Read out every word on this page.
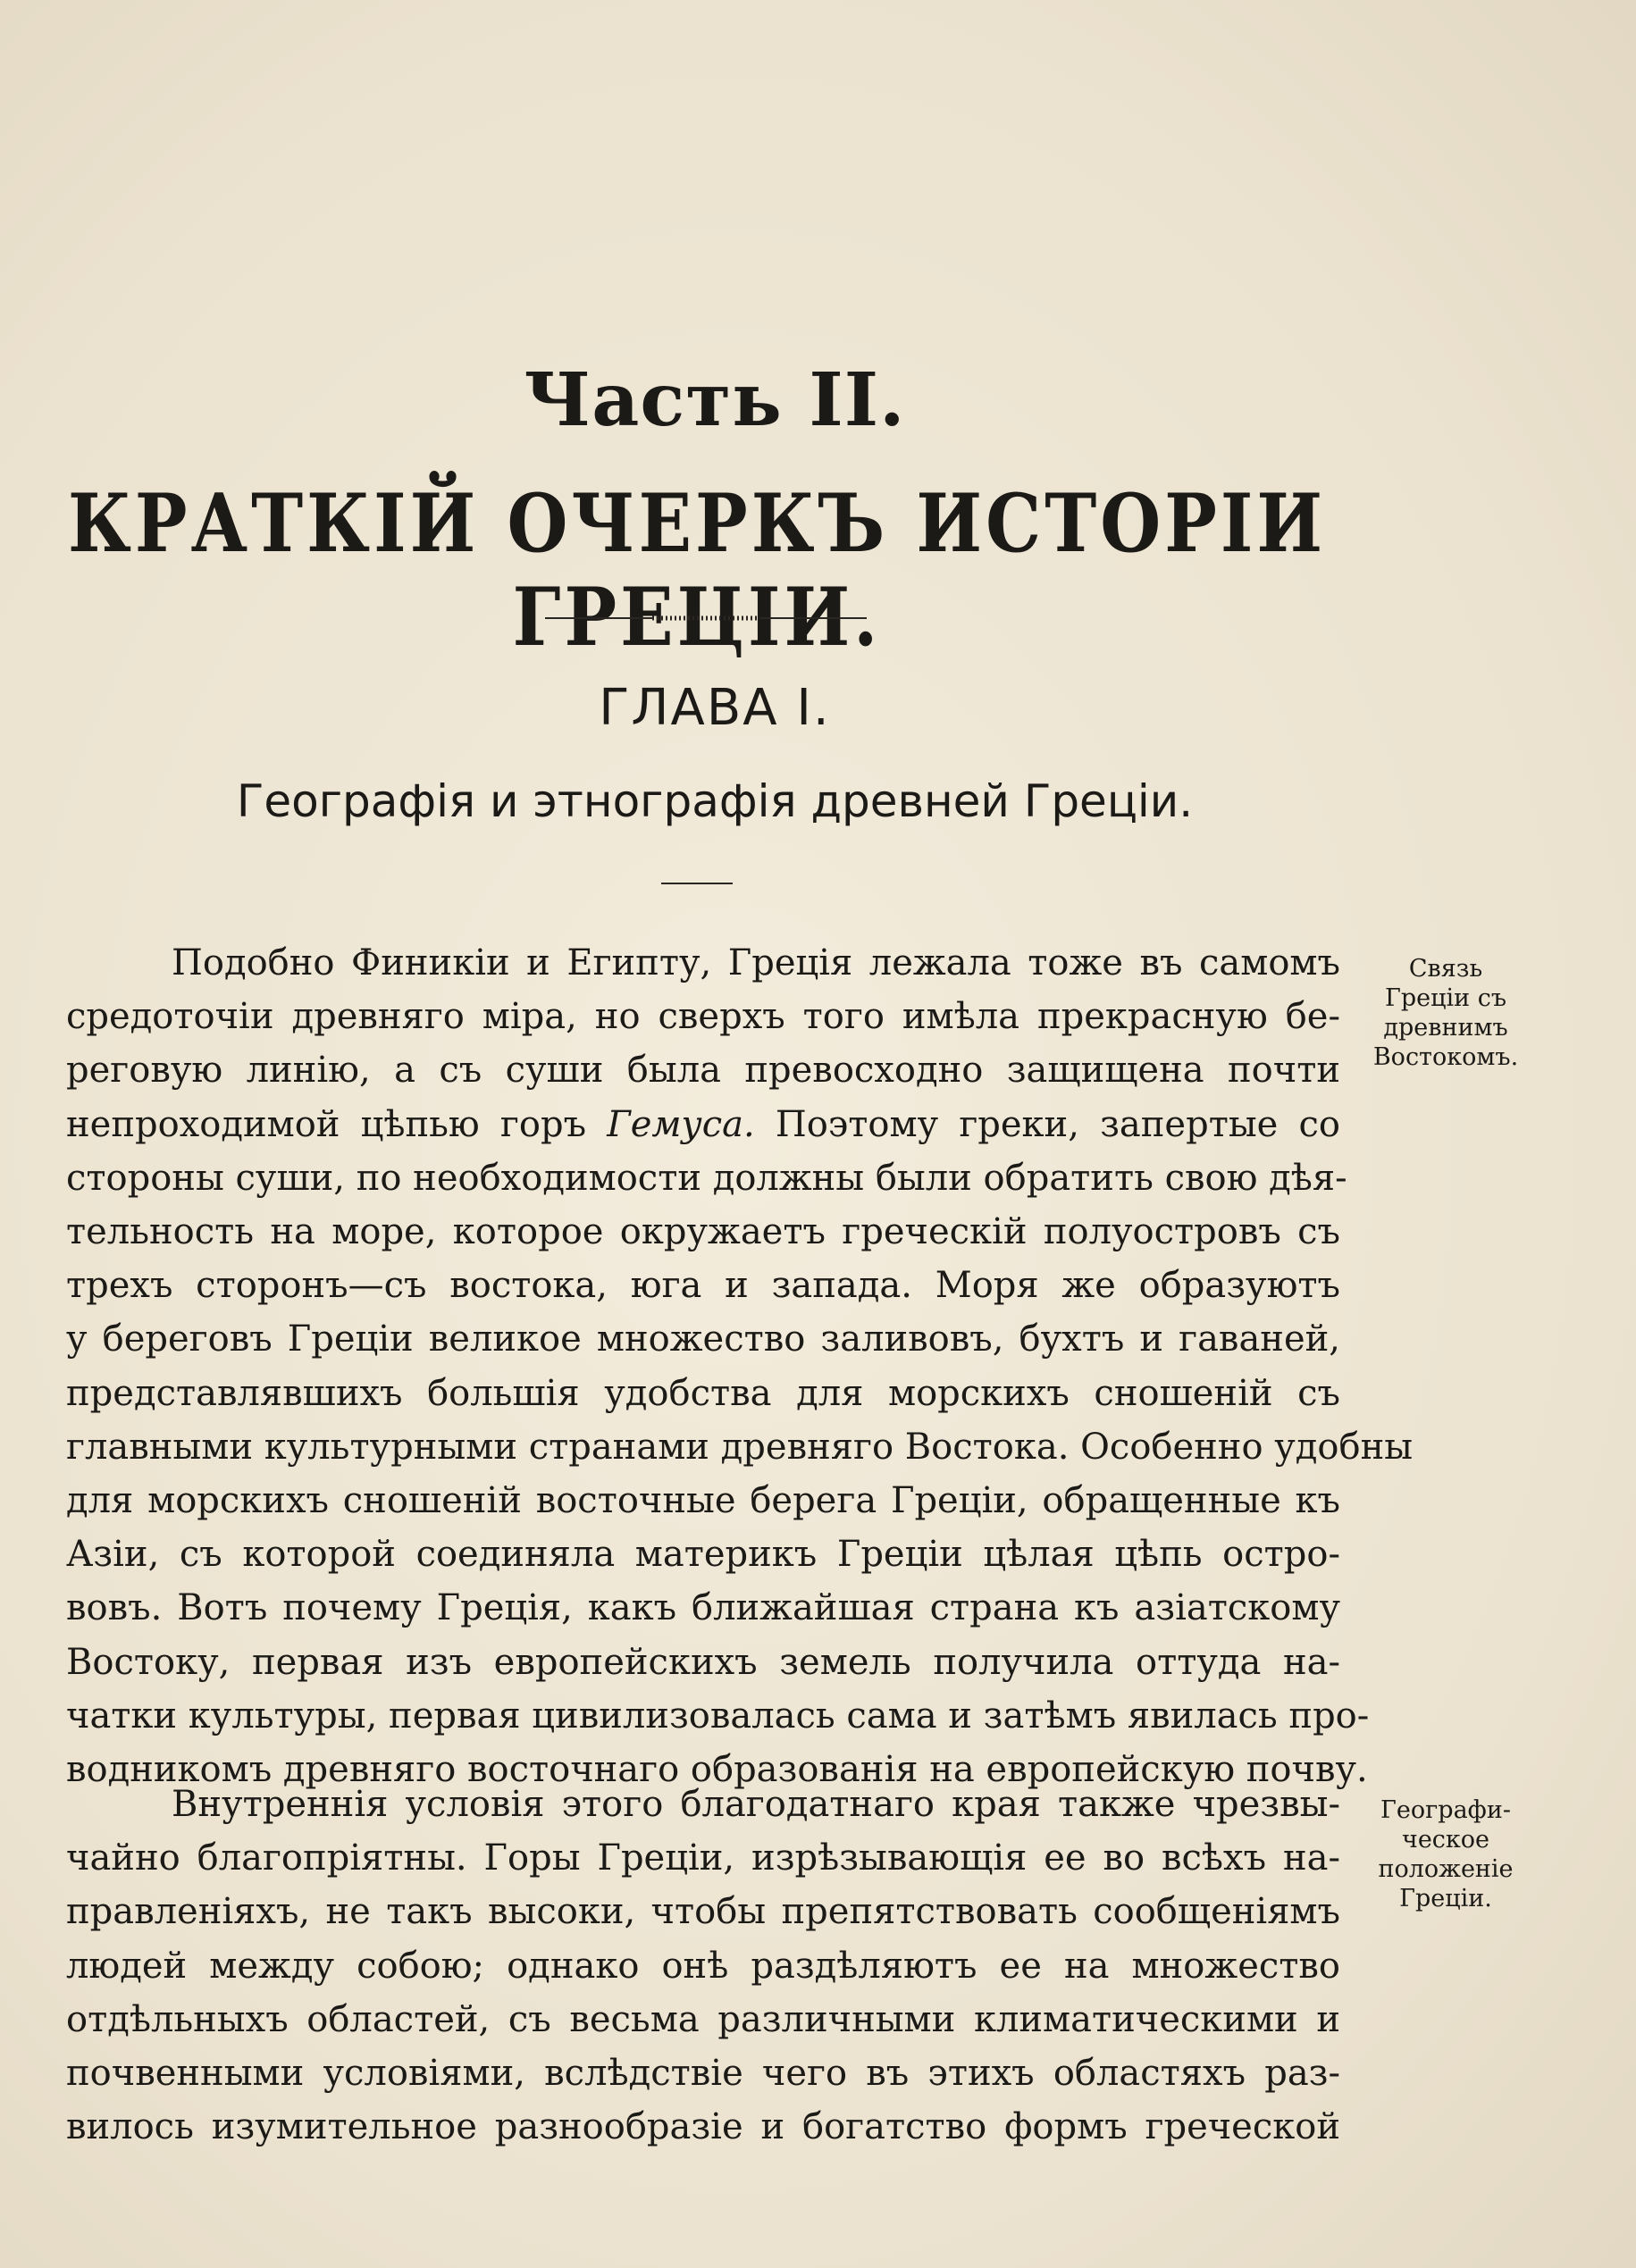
Часть II.
КРАТКІЙ ОЧЕРКЪ ИСТОРІИ ГРЕЦІИ.
ГЛАВА I.
Географія и этнографія древней Греціи.
Подобно Финикіи и Египту, Греція лежала тоже въ самомъ
средоточіи древняго міра, но сверхъ того имѣла прекрасную бе-
реговую линію, а съ суши была превосходно защищена почти
непроходимой цѣпью горъ Гемуса. Поэтому греки, запертые со
стороны суши, по необходимости должны были обратить свою дѣя-
тельность на море, которое окружаетъ греческій полуостровъ съ
трехъ сторонъ—съ востока, юга и запада. Моря же образуютъ
у береговъ Греціи великое множество заливовъ, бухтъ и гаваней,
представлявшихъ большія удобства для морскихъ сношеній съ
главными культурными странами древняго Востока. Особенно удобны
для морскихъ сношеній восточные берега Греціи, обращенные къ
Азіи, съ которой соединяла материкъ Греціи цѣлая цѣпь остро-
вовъ. Вотъ почему Греція, какъ ближайшая страна къ азіатскому
Востоку, первая изъ европейскихъ земель получила оттуда на-
чатки культуры, первая цивилизовалась сама и затѣмъ явилась про-
водникомъ древняго восточнаго образованія на европейскую почву.
Связь
Греціи съ
древнимъ
Востокомъ.
Внутреннія условія этого благодатнаго края также чрезвы-
чайно благопріятны. Горы Греціи, изрѣзывающія ее во всѣхъ на-
правленіяхъ, не такъ высоки, чтобы препятствовать сообщеніямъ
людей между собою; однако онѣ раздѣляютъ ее на множество
отдѣльныхъ областей, съ весьма различными климатическими и
почвенными условіями, вслѣдствіе чего въ этихъ областяхъ раз-
вилось изумительное разнообразіе и богатство формъ греческой
Географи-
ческое
положеніе
Греціи.
